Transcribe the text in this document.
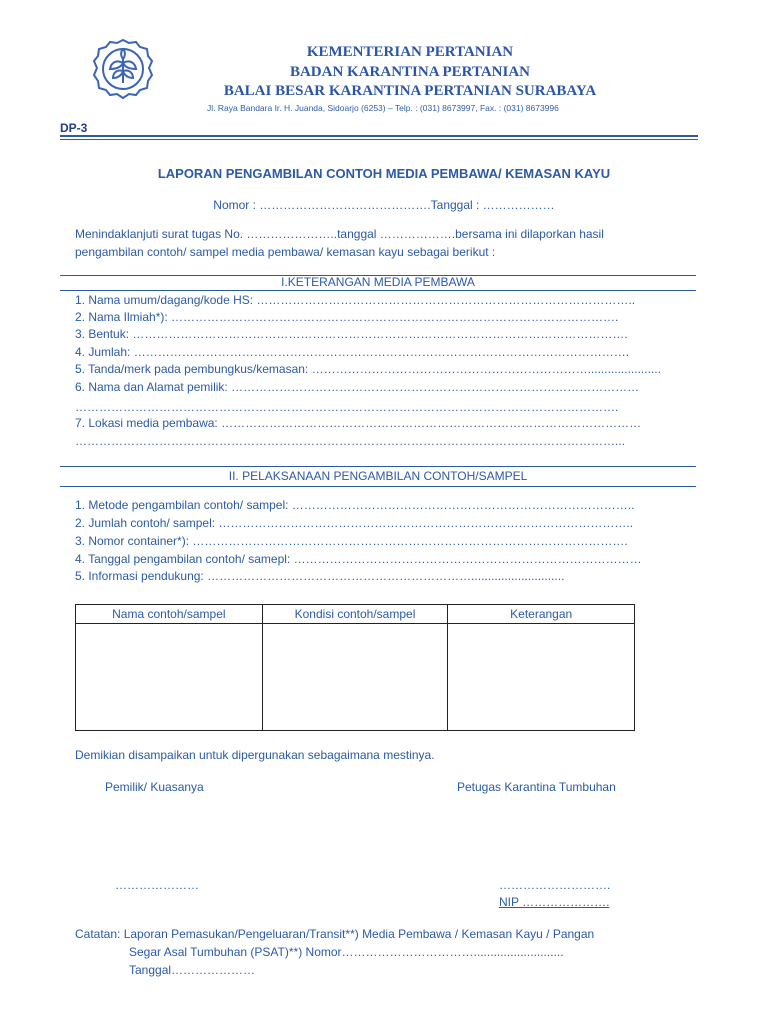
KEMENTERIAN PERTANIAN
BADAN KARANTINA PERTANIAN
BALAI BESAR KARANTINA PERTANIAN SURABAYA
Jl. Raya Bandara Ir. H. Juanda, Sidoarjo (6253) – Telp. : (031) 8673997, Fax. : (031) 8673996
DP-3
LAPORAN PENGAMBILAN CONTOH MEDIA PEMBAWA/ KEMASAN KAYU
Nomor : …………………………………….Tanggal : ………………
Menindaklanjuti surat tugas No. …………………..tanggal ……………….bersama ini dilaporkan hasil
pengambilan contoh/ sampel media pembawa/ kemasan kayu sebagai berikut :
I.KETERANGAN MEDIA PEMBAWA
1. Nama umum/dagang/kode HS: …………………………………………………………………………………..
2. Nama Ilmiah*): ………………………………………………………………………………………………….
3. Bentuk: …………………………………………………………………………………………………………….
4. Jumlah: …………………………………………………………………………………………………………….
5. Tanda/merk pada pembungkus/kemasan: ……………………………………………………………......................
6. Nama dan Alamat pemilik: …………………………………………………………………………………………
……………………………………………………………………………………………………………………….
7. Lokasi media pembawa: ……………………………………………………………………………………………
………………………………………………………………………………………………………………………...
II. PELAKSANAAN PENGAMBILAN CONTOH/SAMPEL
1. Metode pengambilan contoh/ sampel: …………………………………………………………………………..
2. Jumlah contoh/ sampel: …………………………………………………………………………………………..
3. Nomor container*): ……………………………………………………………………………………………….
4. Tanggal pengambilan contoh/ samepl: ……………………………………………………………………………
5. Informasi pendukung: …………………………………………………………............................
Nama contoh/sampel	Kondisi contoh/sampel	Keterangan

Demikian disampaikan untuk dipergunakan sebagaimana mestinya.
Pemilik/ Kuasanya	Petugas Karantina Tumbuhan
…………………	……………………….
NIP ………………….
Catatan: Laporan Pemasukan/Pengeluaran/Transit**) Media Pembawa / Kemasan Kayu / Pangan
Segar Asal Tumbuhan (PSAT)**) Nomor……………………………...........................
Tanggal…………………
